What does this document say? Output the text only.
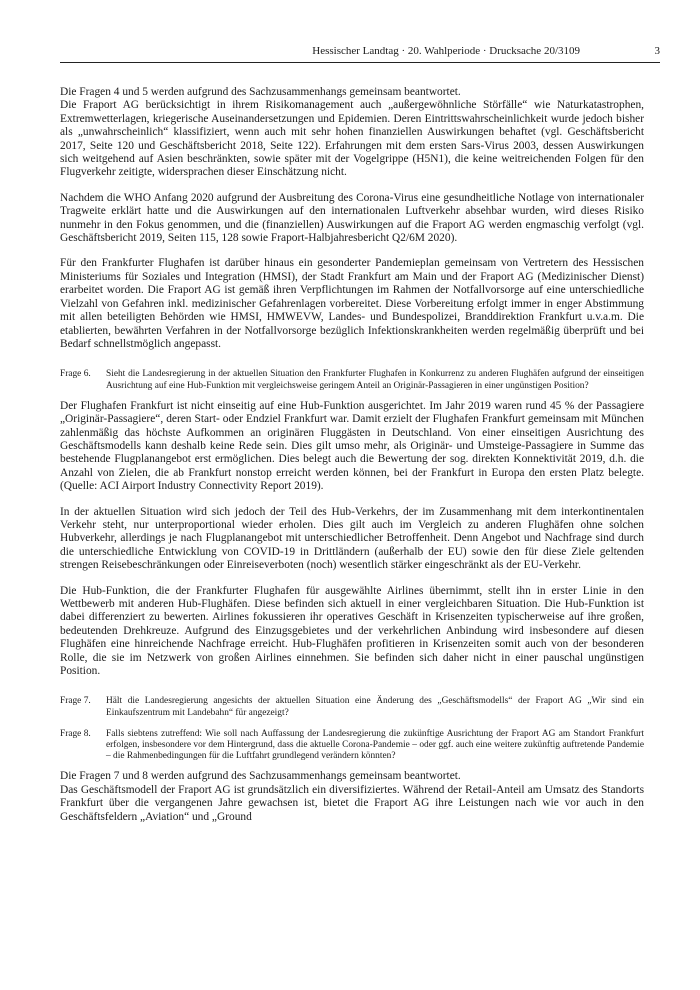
Hessischer Landtag · 20. Wahlperiode · Drucksache 20/3109	3

Die Fragen 4 und 5 werden aufgrund des Sachzusammenhangs gemeinsam beantwortet.

Die Fraport AG berücksichtigt in ihrem Risikomanagement auch „außergewöhnliche Störfälle“ wie Naturkatastrophen, Extremwetterlagen, kriegerische Auseinandersetzungen und Epidemien. Deren Eintrittswahrscheinlichkeit wurde jedoch bisher als „unwahrscheinlich“ klassifiziert, wenn auch mit sehr hohen finanziellen Auswirkungen behaftet (vgl. Geschäftsbericht 2017, Seite 120 und Geschäftsbericht 2018, Seite 122). Erfahrungen mit dem ersten Sars-Virus 2003, dessen Auswirkungen sich weitgehend auf Asien beschränkten, sowie später mit der Vogelgrippe (H5N1), die keine weitreichenden Folgen für den Flugverkehr zeitigte, widersprachen dieser Einschätzung nicht.

Nachdem die WHO Anfang 2020 aufgrund der Ausbreitung des Corona-Virus eine gesundheitliche Notlage von internationaler Tragweite erklärt hatte und die Auswirkungen auf den internationalen Luftverkehr absehbar wurden, wird dieses Risiko nunmehr in den Fokus genommen, und die (finanziellen) Auswirkungen auf die Fraport AG werden engmaschig verfolgt (vgl. Geschäftsbericht 2019, Seiten 115, 128 sowie Fraport-Halbjahresbericht Q2/6M 2020).

Für den Frankfurter Flughafen ist darüber hinaus ein gesonderter Pandemieplan gemeinsam von Vertretern des Hessischen Ministeriums für Soziales und Integration (HMSI), der Stadt Frankfurt am Main und der Fraport AG (Medizinischer Dienst) erarbeitet worden. Die Fraport AG ist gemäß ihren Verpflichtungen im Rahmen der Notfallvorsorge auf eine unterschiedliche Vielzahl von Gefahren inkl. medizinischer Gefahrenlagen vorbereitet. Diese Vorbereitung erfolgt immer in enger Abstimmung mit allen beteiligten Behörden wie HMSI, HMWEVW, Landes- und Bundespolizei, Branddirektion Frankfurt u.v.a.m. Die etablierten, bewährten Verfahren in der Notfallvorsorge bezüglich Infektionskrankheiten werden regelmäßig überprüft und bei Bedarf schnellstmöglich angepasst.

Frage 6.	Sieht die Landesregierung in der aktuellen Situation den Frankfurter Flughafen in Konkurrenz zu anderen Flughäfen aufgrund der einseitigen Ausrichtung auf eine Hub-Funktion mit vergleichsweise geringem Anteil an Originär-Passagieren in einer ungünstigen Position?

Der Flughafen Frankfurt ist nicht einseitig auf eine Hub-Funktion ausgerichtet. Im Jahr 2019 waren rund 45 % der Passagiere „Originär-Passagiere“, deren Start- oder Endziel Frankfurt war. Damit erzielt der Flughafen Frankfurt gemeinsam mit München zahlenmäßig das höchste Aufkommen an originären Fluggästen in Deutschland. Von einer einseitigen Ausrichtung des Geschäftsmodells kann deshalb keine Rede sein. Dies gilt umso mehr, als Originär- und Umsteige-Passagiere in Summe das bestehende Flugplanangebot erst ermöglichen. Dies belegt auch die Bewertung der sog. direkten Konnektivität 2019, d.h. die Anzahl von Zielen, die ab Frankfurt nonstop erreicht werden können, bei der Frankfurt in Europa den ersten Platz belegte. (Quelle: ACI Airport Industry Connectivity Report 2019).

In der aktuellen Situation wird sich jedoch der Teil des Hub-Verkehrs, der im Zusammenhang mit dem interkontinentalen Verkehr steht, nur unterproportional wieder erholen. Dies gilt auch im Vergleich zu anderen Flughäfen ohne solchen Hubverkehr, allerdings je nach Flugplanangebot mit unterschiedlicher Betroffenheit. Denn Angebot und Nachfrage sind durch die unterschiedliche Entwicklung von COVID-19 in Drittländern (außerhalb der EU) sowie den für diese Ziele geltenden strengen Reisebeschränkungen oder Einreiseverboten (noch) wesentlich stärker eingeschränkt als der EU-Verkehr.

Die Hub-Funktion, die der Frankfurter Flughafen für ausgewählte Airlines übernimmt, stellt ihn in erster Linie in den Wettbewerb mit anderen Hub-Flughäfen. Diese befinden sich aktuell in einer vergleichbaren Situation. Die Hub-Funktion ist dabei differenziert zu bewerten. Airlines fokussieren ihr operatives Geschäft in Krisenzeiten typischerweise auf ihre großen, bedeutenden Drehkreuze. Aufgrund des Einzugsgebietes und der verkehrlichen Anbindung wird insbesondere auf diesen Flughäfen eine hinreichende Nachfrage erreicht. Hub-Flughäfen profitieren in Krisenzeiten somit auch von der besonderen Rolle, die sie im Netzwerk von großen Airlines einnehmen. Sie befinden sich daher nicht in einer pauschal ungünstigen Position.

Frage 7.	Hält die Landesregierung angesichts der aktuellen Situation eine Änderung des „Geschäftsmodells“ der Fraport AG „Wir sind ein Einkaufszentrum mit Landebahn“ für angezeigt?
Frage 8.	Falls siebtens zutreffend: Wie soll nach Auffassung der Landesregierung die zukünftige Ausrichtung der Fraport AG am Standort Frankfurt erfolgen, insbesondere vor dem Hintergrund, dass die aktuelle Corona-Pandemie – oder ggf. auch eine weitere zukünftig auftretende Pandemie – die Rahmenbedingungen für die Luftfahrt grundlegend verändern könnten?

Die Fragen 7 und 8 werden aufgrund des Sachzusammenhangs gemeinsam beantwortet.

Das Geschäftsmodell der Fraport AG ist grundsätzlich ein diversifiziertes. Während der Retail-Anteil am Umsatz des Standorts Frankfurt über die vergangenen Jahre gewachsen ist, bietet die Fraport AG ihre Leistungen nach wie vor auch in den Geschäftsfeldern „Aviation“ und „Ground
